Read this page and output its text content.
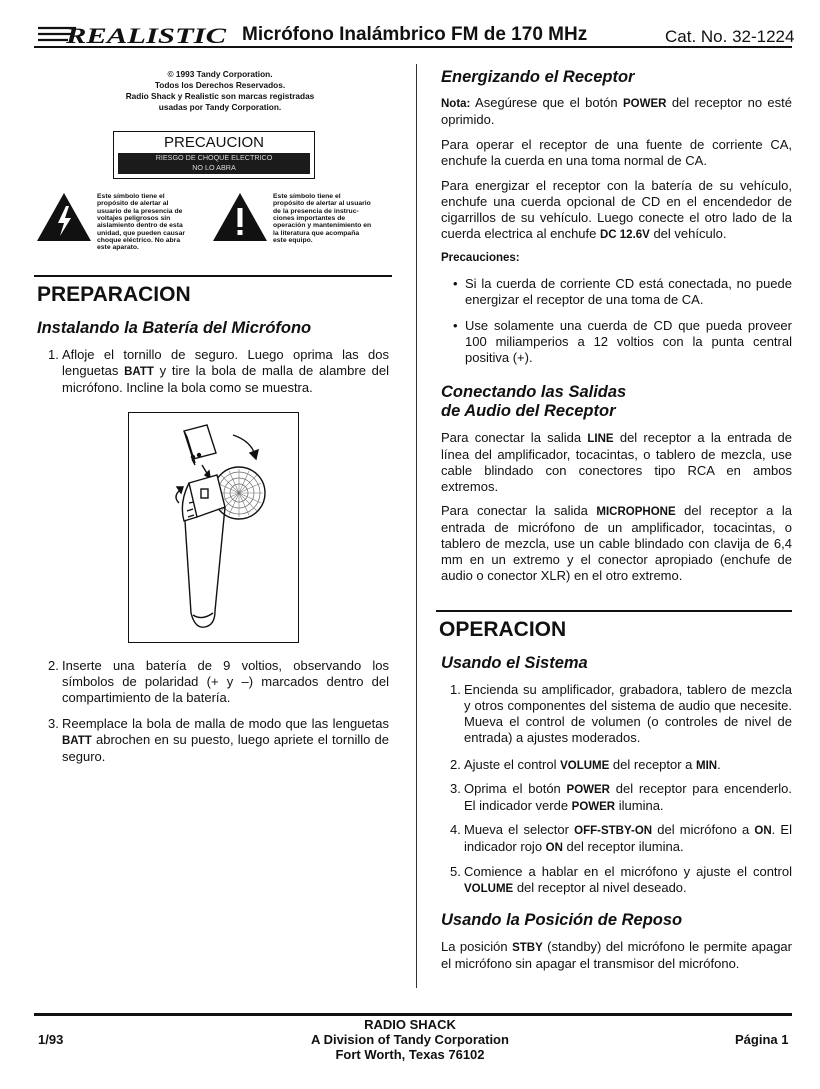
REALISTIC Micrófono Inalámbrico FM de 170 MHz	Cat. No. 32-1224
© 1993 Tandy Corporation.
Todos los Derechos Reservados.
Radio Shack y Realistic son marcas registradas
usadas por Tandy Corporation.
PRECAUCION
RIESGO DE CHOQUE ELECTRICO
NO LO ABRA
Este símbolo tiene el
propósito de alertar al
usuario de la presencia de
voltajes peligrosos sin
aislamiento dentro de esta
unidad, que pueden causar
choque eléctrico. No abra
este aparato.
Este símbolo tiene el
propósito de alertar al usuario
de la presencia de instruc-
ciones importantes de
operación y mantenimiento en
la literatura que acompaña
este equipo.
PREPARACION
Instalando la Batería del Micrófono
1. Afloje el tornillo de seguro. Luego oprima las dos lenguetas BATT y tire la bola de malla de alambre del micrófono. Incline la bola como se muestra.
2. Inserte una batería de 9 voltios, observando los símbolos de polaridad (+ y –) marcados dentro del compartimiento de la batería.
3. Reemplace la bola de malla de modo que las lenguetas BATT abrochen en su puesto, luego apriete el tornillo de seguro.
Energizando el Receptor
Nota: Asegúrese que el botón POWER del receptor no esté oprimido.
Para operar el receptor de una fuente de corriente CA, enchufe la cuerda en una toma normal de CA.
Para energizar el receptor con la batería de su vehículo, enchufe una cuerda opcional de CD en el encendedor de cigarrillos de su vehículo. Luego conecte el otro lado de la cuerda electrica al enchufe DC 12.6V del vehículo.
Precauciones:
• Si la cuerda de corriente CD está conectada, no puede energizar el receptor de una toma de CA.
• Use solamente una cuerda de CD que pueda proveer 100 miliamperios a 12 voltios con la punta central positiva (+).
Conectando las Salidas
de Audio del Receptor
Para conectar la salida LINE del receptor a la entrada de línea del amplificador, tocacintas, o tablero de mezcla, use cable blindado con conectores tipo RCA en ambos extremos.
Para conectar la salida MICROPHONE del receptor a la entrada de micrófono de un amplificador, tocacintas, o tablero de mezcla, use un cable blindado con clavija de 6,4 mm en un extremo y el conector apropiado (enchufe de audio o conector XLR) en el otro extremo.
OPERACION
Usando el Sistema
1. Encienda su amplificador, grabadora, tablero de mezcla y otros componentes del sistema de audio que necesite. Mueva el control de volumen (o controles de nivel de entrada) a ajustes moderados.
2. Ajuste el control VOLUME del receptor a MIN.
3. Oprima el botón POWER del receptor para encenderlo. El indicador verde POWER ilumina.
4. Mueva el selector OFF-STBY-ON del micrófono a ON. El indicador rojo ON del receptor ilumina.
5. Comience a hablar en el micrófono y ajuste el control VOLUME del receptor al nivel deseado.
Usando la Posición de Reposo
La posición STBY (standby) del micrófono le permite apagar el micrófono sin apagar el transmisor del micrófono.
1/93
RADIO SHACK
A Division of Tandy Corporation
Fort Worth, Texas 76102
Página 1
